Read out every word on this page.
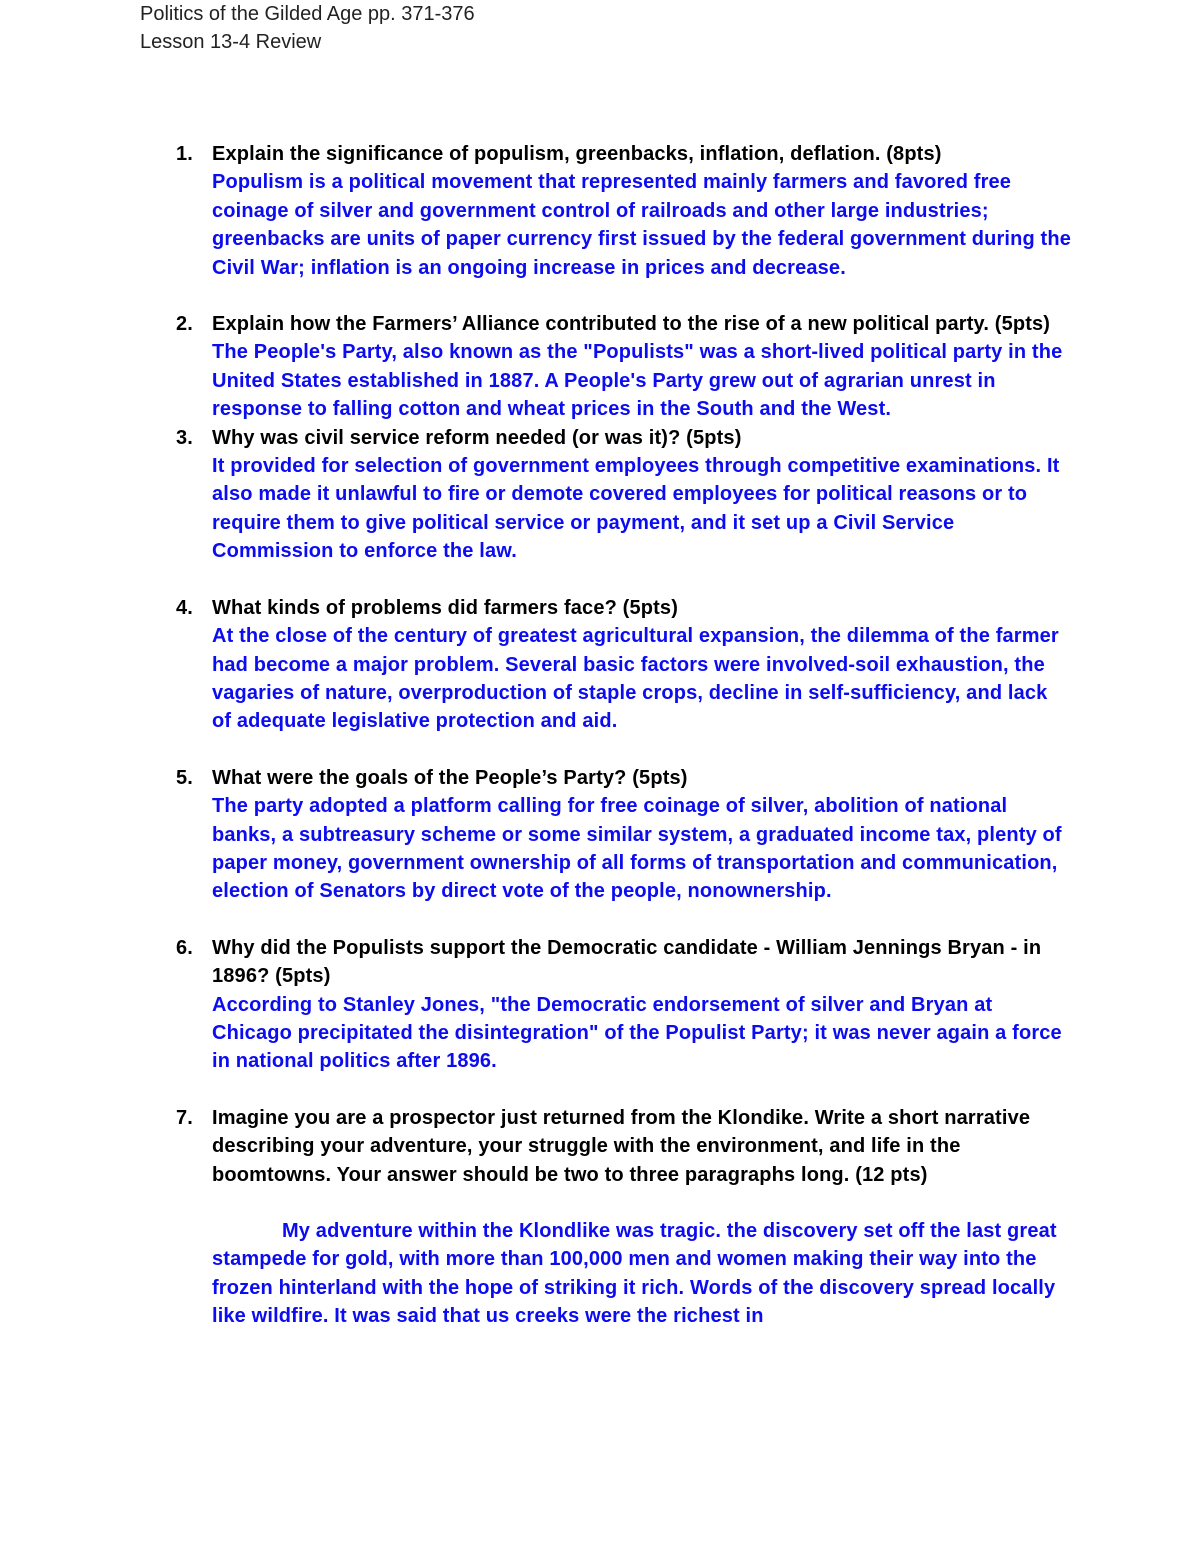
Politics of the Gilded Age pp. 371-376
Lesson 13-4 Review
1. Explain the significance of populism, greenbacks, inflation, deflation. (8pts)
Populism is a political movement that represented mainly farmers and favored free coinage of silver and government control of railroads and other large industries; greenbacks are units of paper currency first issued by the federal government during the Civil War; inflation is an ongoing increase in prices and decrease.
2. Explain how the Farmers’ Alliance contributed to the rise of a new political party. (5pts) The People's Party, also known as the "Populists" was a short-lived political party in the United States established in 1887. A People's Party grew out of agrarian unrest in response to falling cotton and wheat prices in the South and the West.
3. Why was civil service reform needed (or was it)? (5pts)
It provided for selection of government employees through competitive examinations. It also made it unlawful to fire or demote covered employees for political reasons or to require them to give political service or payment, and it set up a Civil Service Commission to enforce the law.
4. What kinds of problems did farmers face? (5pts)
At the close of the century of greatest agricultural expansion, the dilemma of the farmer had become a major problem. Several basic factors were involved-soil exhaustion, the vagaries of nature, overproduction of staple crops, decline in self-sufficiency, and lack of adequate legislative protection and aid.
5. What were the goals of the People’s Party? (5pts)
The party adopted a platform calling for free coinage of silver, abolition of national banks, a subtreasury scheme or some similar system, a graduated income tax, plenty of paper money, government ownership of all forms of transportation and communication, election of Senators by direct vote of the people, nonownership.
6. Why did the Populists support the Democratic candidate - William Jennings Bryan - in 1896? (5pts)
According to Stanley Jones, "the Democratic endorsement of silver and Bryan at Chicago precipitated the disintegration" of the Populist Party; it was never again a force in national politics after 1896.
7. Imagine you are a prospector just returned from the Klondike. Write a short narrative describing your adventure, your struggle with the environment, and life in the boomtowns. Your answer should be two to three paragraphs long. (12 pts)
My adventure within the Klondlike was tragic. the discovery set off the last great stampede for gold, with more than 100,000 men and women making their way into the frozen hinterland with the hope of striking it rich. Words of the discovery spread locally like wildfire. It was said that us creeks were the richest in
